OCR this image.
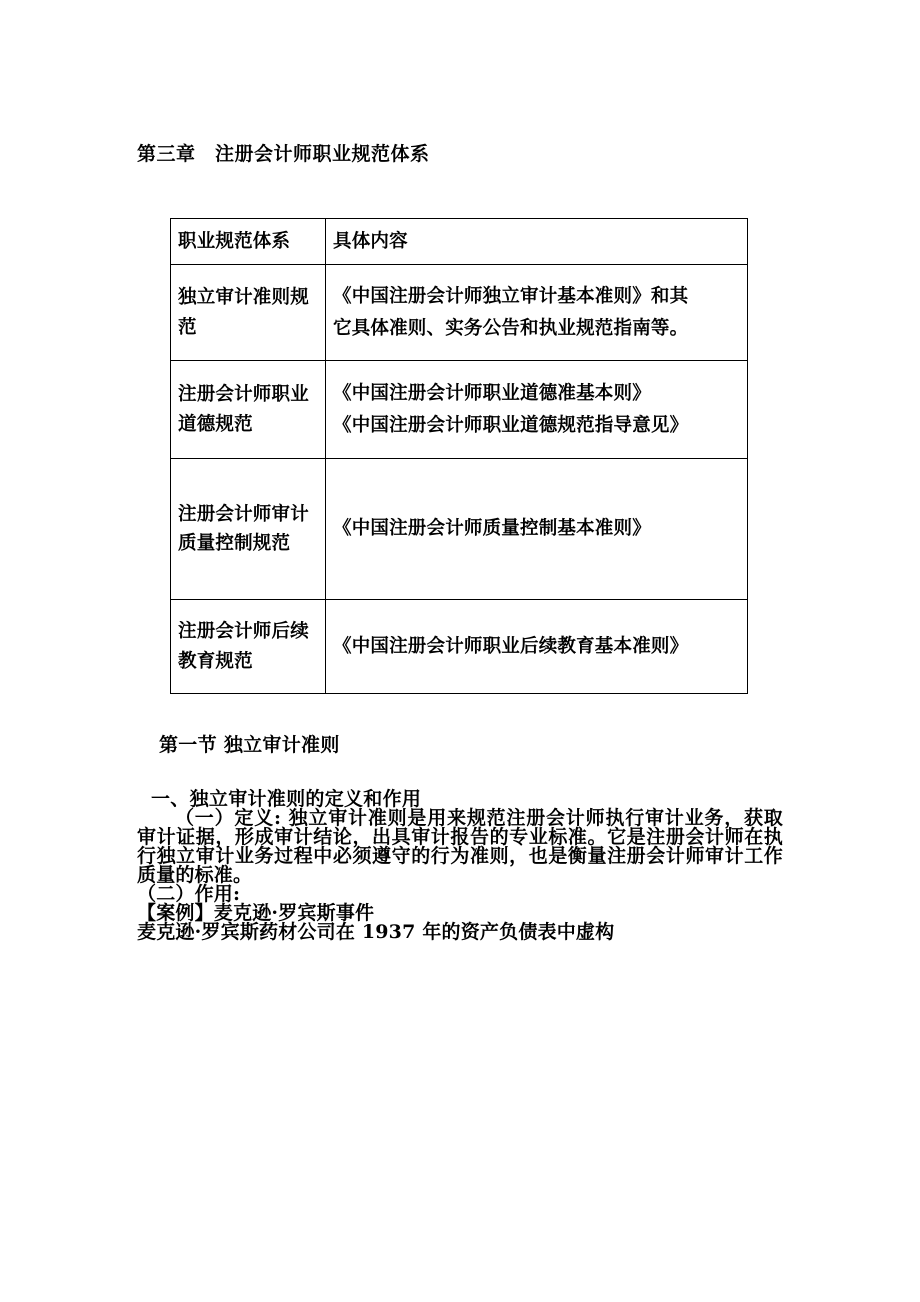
第三章　注册会计师职业规范体系
职业规范体系	具体内容
独立审计准则规范	《中国注册会计师独立审计基本准则》和其
它具体准则、实务公告和执业规范指南等。

注册会计师职业道德规范	《中国注册会计师职业道德准基本则》
《中国注册会计师职业道德规范指导意见》

注册会计师审计质量控制规范	《中国注册会计师质量控制基本准则》

注册会计师后续教育规范	《中国注册会计师职业后续教育基本准则》
第一节 独立审计准则
一、独立审计准则的定义和作用

（一）定义: 独立审计准则是用来规范注册会计师执行审计业务，获取审计证据，形成审计结论，出具审计报告的专业标准。它是注册会计师在执行独立审计业务过程中必须遵守的行为准则，也是衡量注册会计师审计工作质量的标准。

（二）作用:

【案例】麦克逊·罗宾斯事件

麦克逊·罗宾斯药材公司在 1937 年的资产负债表中虚构
